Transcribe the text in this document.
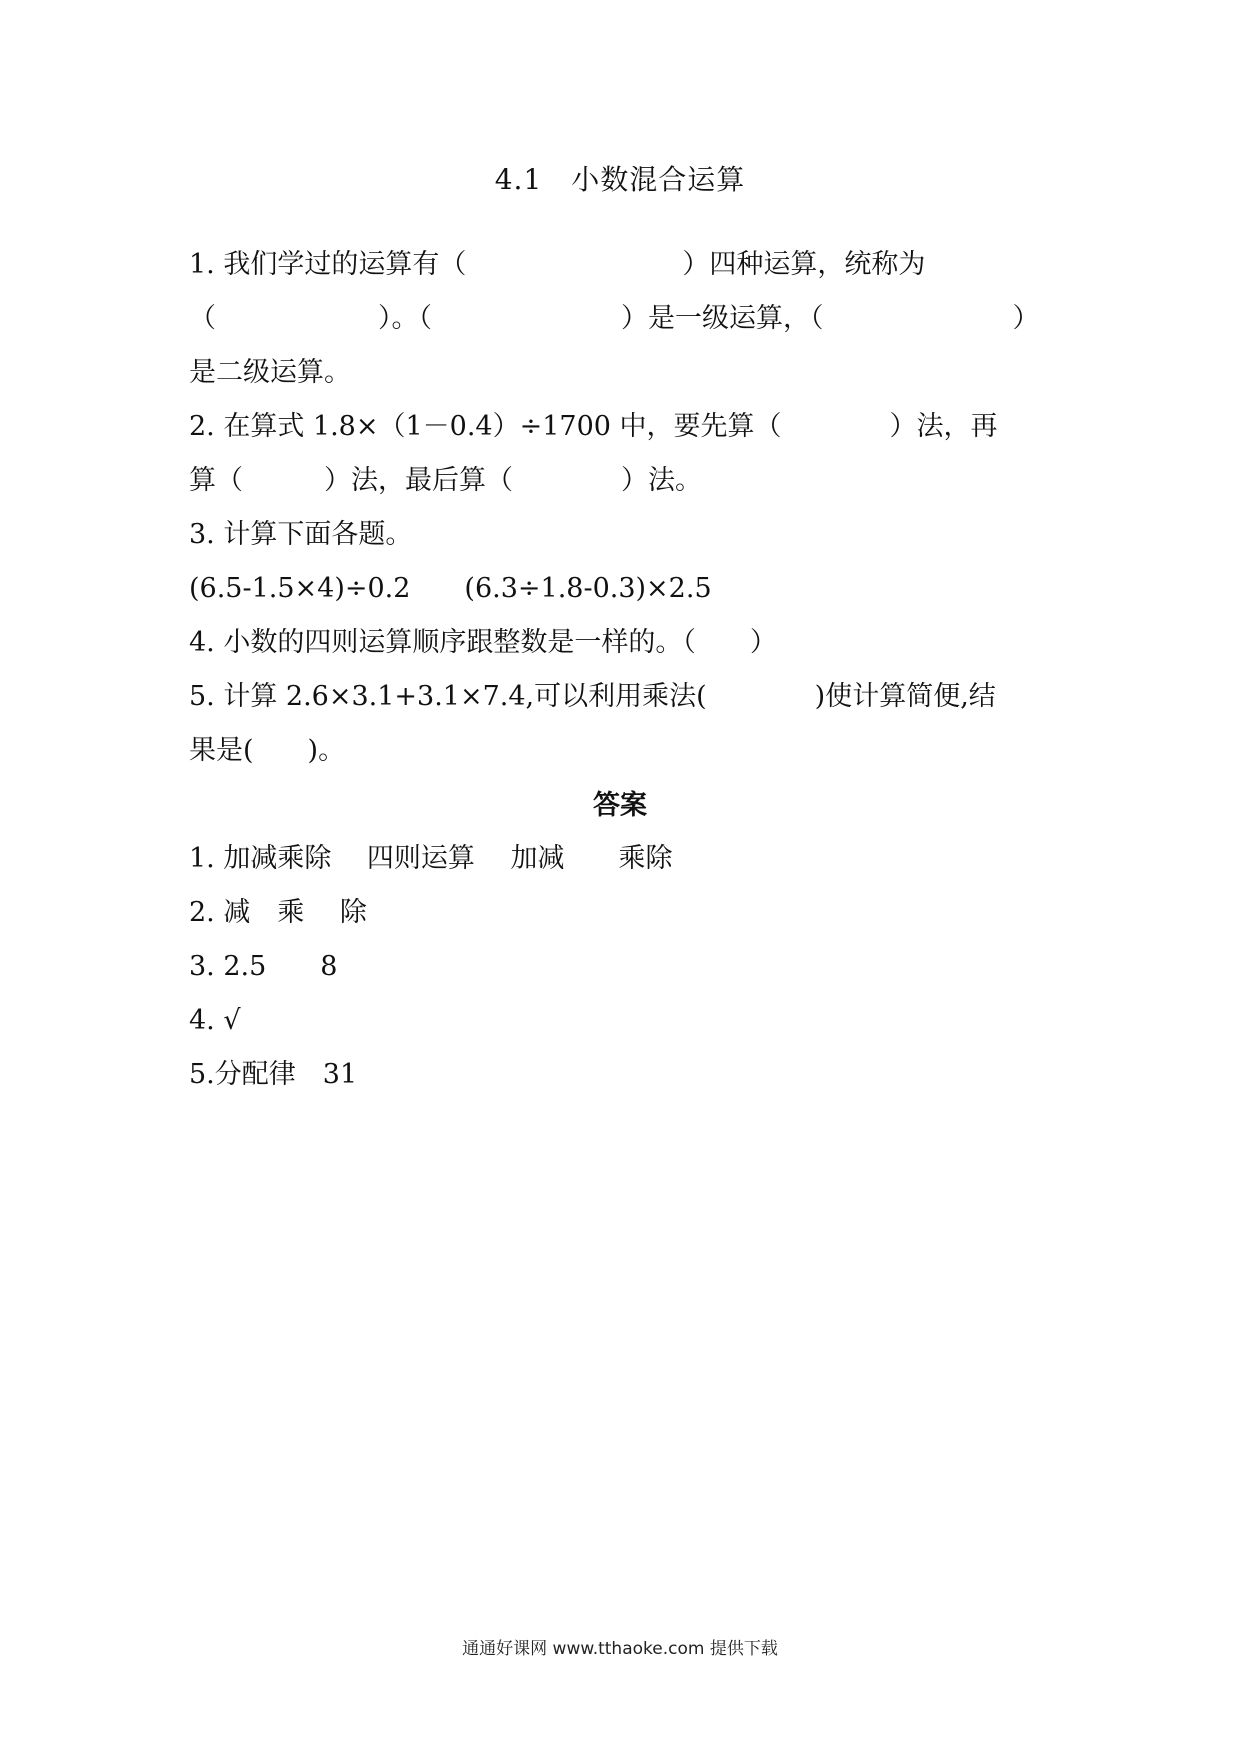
4.1　小数混合运算
1. 我们学过的运算有（　　　　　　　　）四种运算，统称为
（　　　　　　）。（　　　　　　　）是一级运算，（　　　　　　　）
是二级运算。
2. 在算式 1.8×（1－0.4）÷1700 中，要先算（　　　　）法，再
算（　　　）法，最后算（　　　　）法。
3. 计算下面各题。
(6.5-1.5×4)÷0.2　　(6.3÷1.8-0.3)×2.5
4. 小数的四则运算顺序跟整数是一样的。（　　）
5. 计算 2.6×3.1+3.1×7.4,可以利用乘法(　　　　)使计算简便,结
果是(　　)。
答案
1. 加减乘除　 四则运算　 加减　　乘除
2. 减　乘　 除
3. 2.5　　8
4. √
5.分配律　31
通通好课网 www.tthaoke.com 提供下载
